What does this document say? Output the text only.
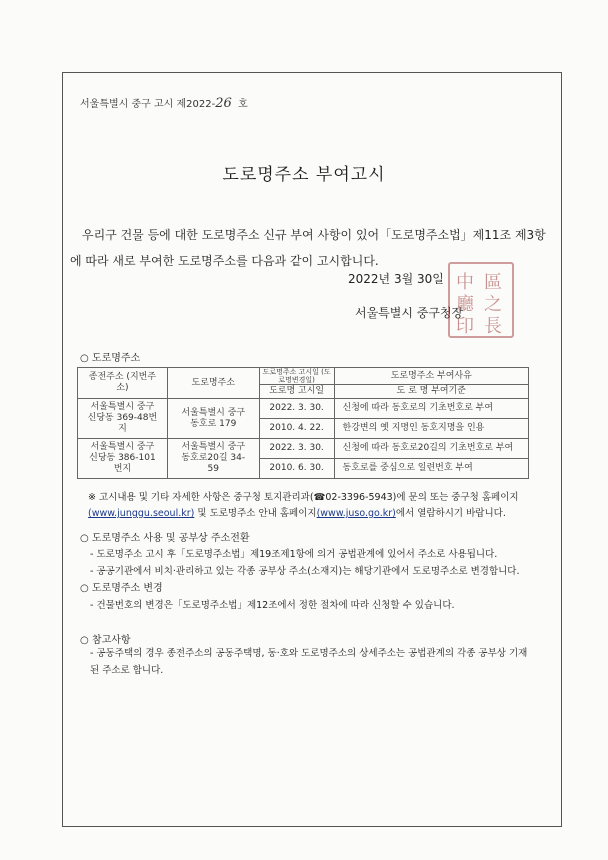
서울특별시 중구 고시 제2022-26 호
도로명주소 부여고시
우리구 건물 등에 대한 도로명주소 신규 부여 사항이 있어「도로명주소법」제11조 제3항에 따라 새로 부여한 도로명주소를 다음과 같이 고시합니다.
2022년 3월 30일
서울특별시 중구청장
中 區
廳 之
印 長
○ 도로명주소
종전주소 (지번주소)	도로명주소	도로명주소 고시일 (도로명변경일)	도로명주소 부여사유
		도로명 고시일	도 로 명 부여기준
서울특별시 중구 신당동 369-48번지	서울특별시 중구 동호로 179	2022. 3. 30.	신청에 따라 동호로의 기초번호로 부여
		2010. 4. 22.	한강변의 옛 지명인 동호지명을 인용
서울특별시 중구 신당동 386-101번지	서울특별시 중구 동호로20길 34-59	2022. 3. 30.	신청에 따라 동호로20길의 기초번호로 부여
		2010. 6. 30.	동호로를 중심으로 일련번호 부여
※ 고시내용 및 기타 자세한 사항은 중구청 토지관리과(☎02-3396-5943)에 문의 또는 중구청 홈페이지 (www.junggu.seoul.kr) 및 도로명주소 안내 홈페이지(www.juso.go.kr)에서 열람하시기 바랍니다.
○ 도로명주소 사용 및 공부상 주소전환
- 도로명주소 고시 후「도로명주소법」제19조제1항에 의거 공법관계에 있어서 주소로 사용됩니다.
- 공공기관에서 비치·관리하고 있는 각종 공부상 주소(소재지)는 해당기관에서 도로명주소로 변경합니다.
○ 도로명주소 변경
- 건물번호의 변경은「도로명주소법」제12조에서 정한 절차에 따라 신청할 수 있습니다.
○ 참고사항
- 공동주택의 경우 종전주소의 공동주택명, 동·호와 도로명주소의 상세주소는 공법관계의 각종 공부상 기재된 주소로 합니다.
